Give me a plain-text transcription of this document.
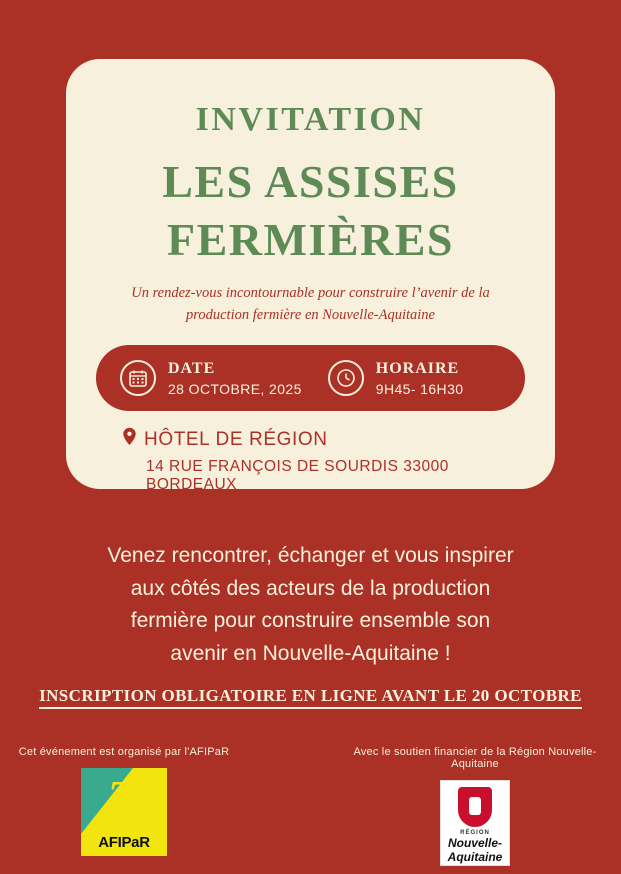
INVITATION
LES ASSISES
FERMIÈRES
Un rendez-vous incontournable pour construire l’avenir de la production fermière en Nouvelle-Aquitaine
DATE
28 OCTOBRE, 2025
HORAIRE
9H45- 16H30
HÔTEL DE RÉGION
14 RUE FRANÇOIS DE SOURDIS 33000 BORDEAUX
Venez rencontrer, échanger et vous inspirer
aux côtés des acteurs de la production
fermière pour construire ensemble son
avenir en Nouvelle-Aquitaine !
INSCRIPTION OBLIGATOIRE EN LIGNE AVANT LE 20 OCTOBRE
Cet événement est organisé par l'AFIPaR
Z
AFIPaR
Avec le soutien financier de la Région Nouvelle-Aquitaine
RÉGION
Nouvelle-
Aquitaine
